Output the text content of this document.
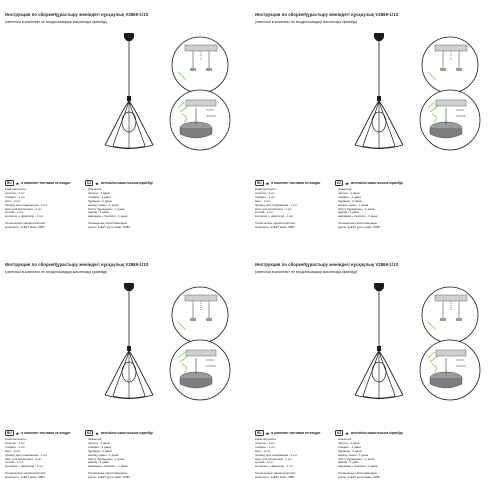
Инструкция по сборке/Құрастыру жөніндегі нұсқаулық V2869-1/1S
(светочки в комплект не входит/шамдар жиынтыққа кірмейді)
RU	★ в комплект поставки не входит
Комплектность:
розетка - 1 шт.
плафон - 1 шт.
винт - 2 шт.
провод для соединения - 1 шт.
винт для крепления - 1 шт.
колпак - 1 шт.
колпачок + фиксатор - 1 шт.
Технические характеристики:
мощность: 1xE27 макс. 60Вт.
KZ	★ жеткізілім жиынтығына кірмейді
Жиынтық:
патрон - 1 дана
плафон - 1 дана
бұранда - 2 дана
жалғау сымы - 1 дана
бекіту бұрандасы - 1 дана
қақпақ - 1 дана
қақпақша + бекіткіш - 1 дана
Техникалық сипаттамалары:
қуаты: 1xE27 ұшты макс. 60Вт.
Инструкция по сборке/Құрастыру жөніндегі нұсқаулық V2869-1/1S
(светочки в комплект не входит/шамдар жиынтыққа кірмейді)
RU	★ в комплект поставки не входит
Комплектность:
розетка - 1 шт.
плафон - 1 шт.
винт - 2 шт.
провод для соединения - 1 шт.
винт для крепления - 1 шт.
колпак - 1 шт.
колпачок + фиксатор - 1 шт.
Технические характеристики:
мощность: 1xE27 макс. 60Вт.
KZ	★ жеткізілім жиынтығына кірмейді
Жиынтық:
патрон - 1 дана
плафон - 1 дана
бұранда - 2 дана
жалғау сымы - 1 дана
бекіту бұрандасы - 1 дана
қақпақ - 1 дана
қақпақша + бекіткіш - 1 дана
Техникалық сипаттамалары:
қуаты: 1xE27 ұшты макс. 60Вт.
Инструкция по сборке/Құрастыру жөніндегі нұсқаулық V2869-1/1S
(светочки в комплект не входит/шамдар жиынтыққа кірмейді)
RU	★ в комплект поставки не входит
Комплектность:
розетка - 1 шт.
плафон - 1 шт.
винт - 2 шт.
провод для соединения - 1 шт.
винт для крепления - 1 шт.
колпак - 1 шт.
колпачок + фиксатор - 1 шт.
Технические характеристики:
мощность: 1xE27 макс. 60Вт.
KZ	★ жеткізілім жиынтығына кірмейді
Жиынтық:
патрон - 1 дана
плафон - 1 дана
бұранда - 2 дана
жалғау сымы - 1 дана
бекіту бұрандасы - 1 дана
қақпақ - 1 дана
қақпақша + бекіткіш - 1 дана
Техникалық сипаттамалары:
қуаты: 1xE27 ұшты макс. 60Вт.
Инструкция по сборке/Құрастыру жөніндегі нұсқаулық V2869-1/1S
(светочки в комплект не входит/шамдар жиынтыққа кірмейді)
RU	★ в комплект поставки не входит
Комплектность:
розетка - 1 шт.
плафон - 1 шт.
винт - 2 шт.
провод для соединения - 1 шт.
винт для крепления - 1 шт.
колпак - 1 шт.
колпачок + фиксатор - 1 шт.
Технические характеристики:
мощность: 1xE27 макс. 60Вт.
KZ	★ жеткізілім жиынтығына кірмейді
Жиынтық:
патрон - 1 дана
плафон - 1 дана
бұранда - 2 дана
жалғау сымы - 1 дана
бекіту бұрандасы - 1 дана
қақпақ - 1 дана
қақпақша + бекіткіш - 1 дана
Техникалық сипаттамалары:
қуаты: 1xE27 ұшты макс. 60Вт.
